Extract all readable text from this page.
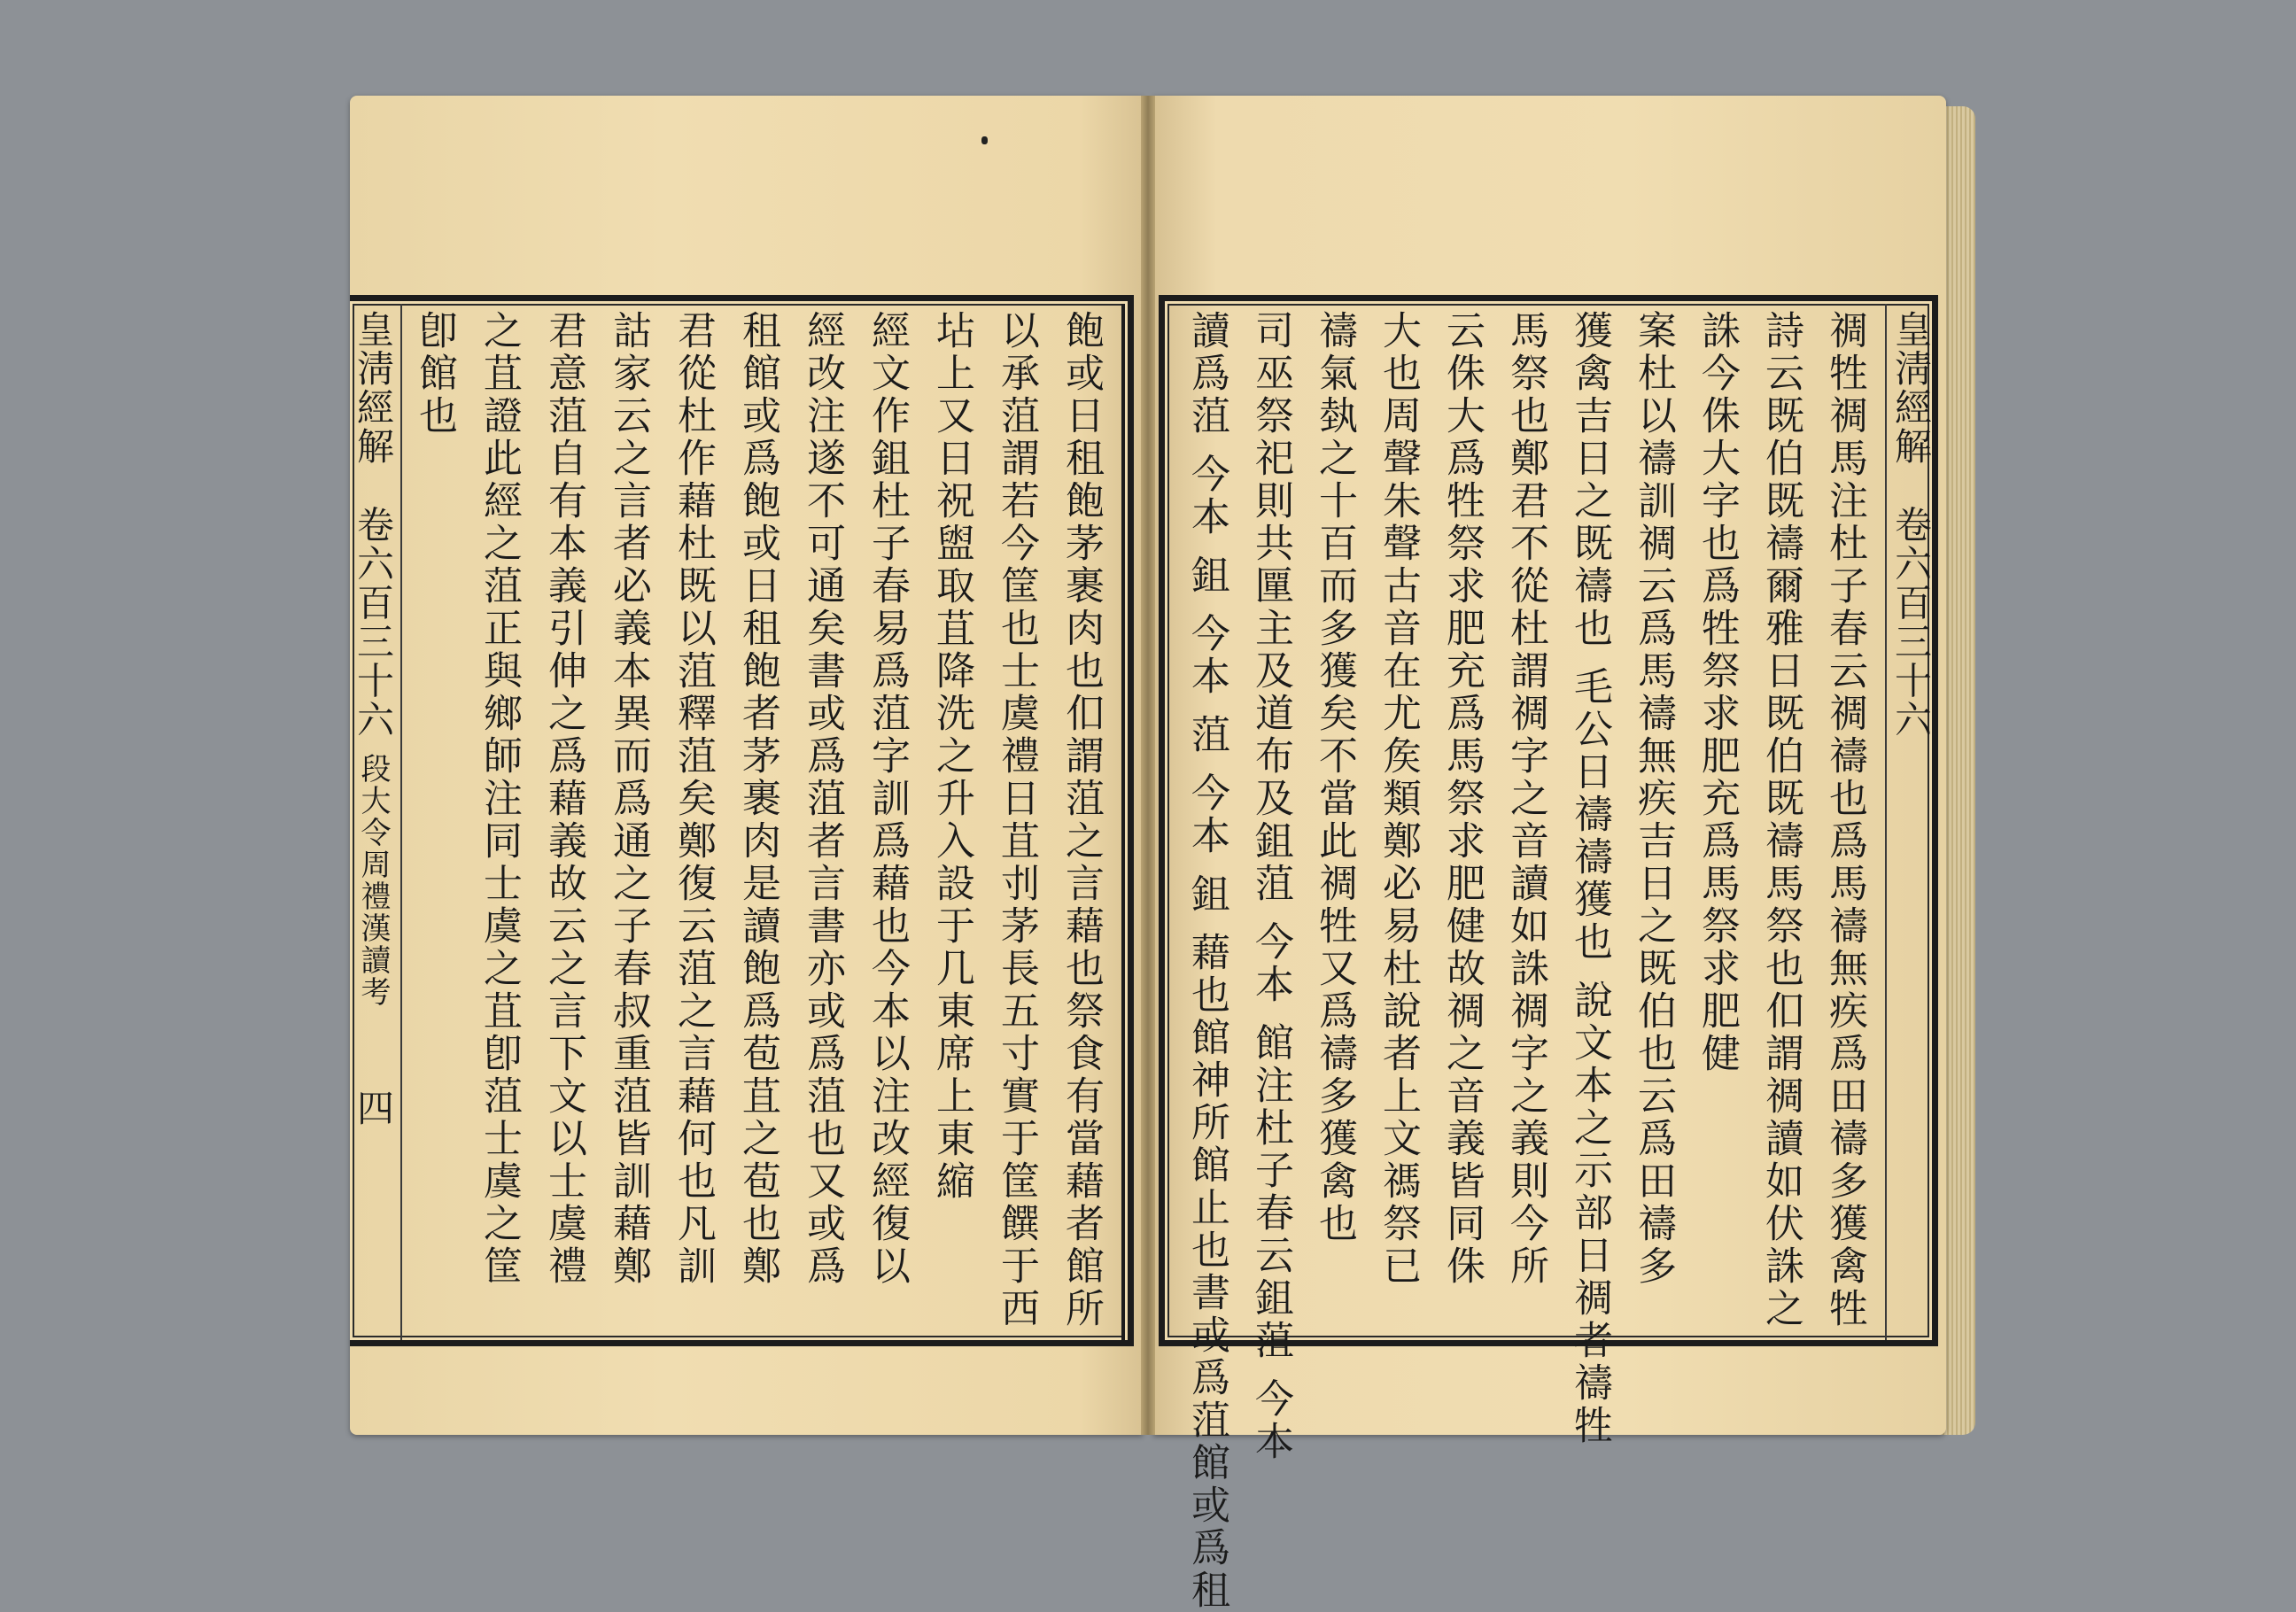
皇淸經解  卷六百三十六 段大令周禮漢讀考  四	飽或日租飽茅裹肉也㐰謂菹之言藉也祭食有當藉者館所
以承菹謂若今筐也士虞禮日苴刌茅長五寸實于筐饌于西
坫上又日祝盥取苴降洗之升入設于几東席上東縮
經文作鉏杜子春易爲菹字訓爲藉也今本以注改經復以
經改注遂不可通矣書或爲菹者言書亦或爲菹也又或爲
租館或爲飽或日租飽者茅裹肉是讀飽爲苞苴之苞也鄭
君從杜作藉杜既以菹釋菹矣鄭復云菹之言藉何也凡訓
詁家云之言者必義本異而爲通之子春叔重菹皆訓藉鄭
君意菹自有本義引伸之爲藉義故云之言下文以士虞禮
之苴證此經之菹正與鄉師注同士虞之苴卽菹士虞之筐
卽館也	皇淸經解  卷六百三十六
禂牲禂馬注杜子春云禂禱也爲馬禱無疾爲田禱多獲禽牲
詩云既伯既禱爾雅日既伯既禱馬祭也㐰謂禂讀如伏誅之
誅今侏大字也爲牲祭求肥充爲馬祭求肥健
案杜以禱訓禂云爲馬禱無疾吉日之既伯也云爲田禱多
獲禽吉日之既禱也 毛公日禱禱獲也 說文本之示部日禂者禱牲
馬祭也鄭君不從杜謂禂字之音讀如誅禂字之義則今所
云侏大爲牲祭求肥充爲馬祭求肥健故禂之音義皆同侏
大也周聲朱聲古音在尤矦類鄭必易杜說者上文禡祭已
禱氣埶之十百而多獲矣不當此禂牲又爲禱多獲禽也
司巫祭祀則共匰主及道布及鉏菹 今本 館注杜子春云鉏菹 今本
讀爲菹 今本 鉏 今本 菹 今本 鉏 藉也館神所館止也書或爲菹館或爲租
